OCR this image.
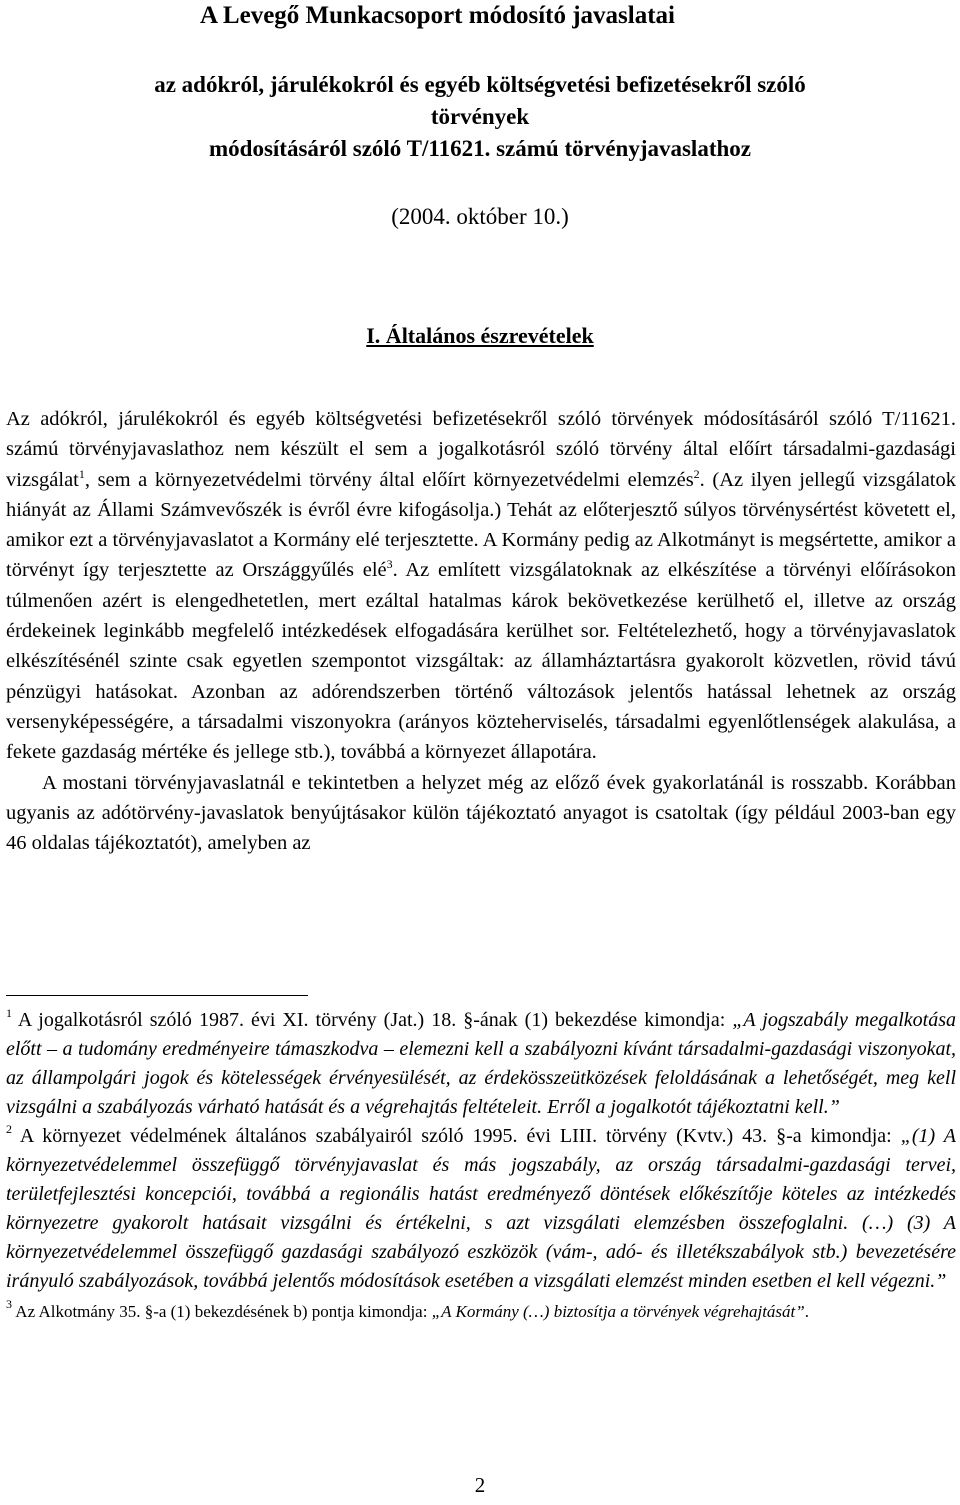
A Levegő Munkacsoport módosító javaslatai
az adókról, járulékokról és egyéb költségvetési befizetésekről szóló
törvények
módosításáról szóló T/11621. számú törvényjavaslathoz
(2004. október 10.)
I. Általános észrevételek

Az adókról, járulékokról és egyéb költségvetési befizetésekről szóló törvények módosításáról szóló T/11621. számú törvényjavaslathoz nem készült el sem a jogalkotásról szóló törvény által előírt társadalmi-gazdasági vizsgálat$^1$, sem a környezetvédelmi törvény által előírt környezetvédelmi elemzés$^2$. (Az ilyen jellegű vizsgálatok hiányát az Állami Számvevőszék is évről évre kifogásolja.) Tehát az előterjesztő súlyos törvénysértést követett el, amikor ezt a törvényjavaslatot a Kormány elé terjesztette. A Kormány pedig az Alkotmányt is megsértette, amikor a törvényt így terjesztette az Országgyűlés elé$^3$. Az említett vizsgálatoknak az elkészítése a törvényi előírásokon túlmenően azért is elengedhetetlen, mert ezáltal hatalmas károk bekövetkezése kerülhető el, illetve az ország érdekeinek leginkább megfelelő intézkedések elfogadására kerülhet sor. Feltételezhető, hogy a törvényjavaslatok elkészítésénél szinte csak egyetlen szempontot vizsgáltak: az államháztartásra gyakorolt közvetlen, rövid távú pénzügyi hatásokat. Azonban az adórendszerben történő változások jelentős hatással lehetnek az ország versenyképességére, a társadalmi viszonyokra (arányos közteherviselés, társadalmi egyenlőtlenségek alakulása, a fekete gazdaság mértéke és jellege stb.), továbbá a környezet állapotára.

A mostani törvényjavaslatnál e tekintetben a helyzet még az előző évek gyakorlatánál is rosszabb. Korábban ugyanis az adótörvény-javaslatok benyújtásakor külön tájékoztató anyagot is csatoltak (így például 2003-ban egy 46 oldalas tájékoztatót), amelyben az

$^1$ A jogalkotásról szóló 1987. évi XI. törvény (Jat.) 18. §-ának (1) bekezdése kimondja: „A jogszabály megalkotása előtt – a tudomány eredményeire támaszkodva – elemezni kell a szabályozni kívánt társadalmi-gazdasági viszonyokat, az állampolgári jogok és kötelességek érvényesülését, az érdekösszeütközések feloldásának a lehetőségét, meg kell vizsgálni a szabályozás várható hatását és a végrehajtás feltételeit. Erről a jogalkotót tájékoztatni kell.”

$^2$ A környezet védelmének általános szabályairól szóló 1995. évi LIII. törvény (Kvtv.) 43. §-a kimondja: „(1) A környezetvédelemmel összefüggő törvényjavaslat és más jogszabály, az ország társadalmi-gazdasági tervei, területfejlesztési koncepciói, továbbá a regionális hatást eredményező döntések előkészítője köteles az intézkedés környezetre gyakorolt hatásait vizsgálni és értékelni, s azt vizsgálati elemzésben összefoglalni. (…) (3) A környezetvédelemmel összefüggő gazdasági szabályozó eszközök (vám-, adó- és illetékszabályok stb.) bevezetésére irányuló szabályozások, továbbá jelentős módosítások esetében a vizsgálati elemzést minden esetben el kell végezni.”

$^3$ Az Alkotmány 35. §-a (1) bekezdésének b) pontja kimondja: „A Kormány (…) biztosítja a törvények végrehajtását”.

2
